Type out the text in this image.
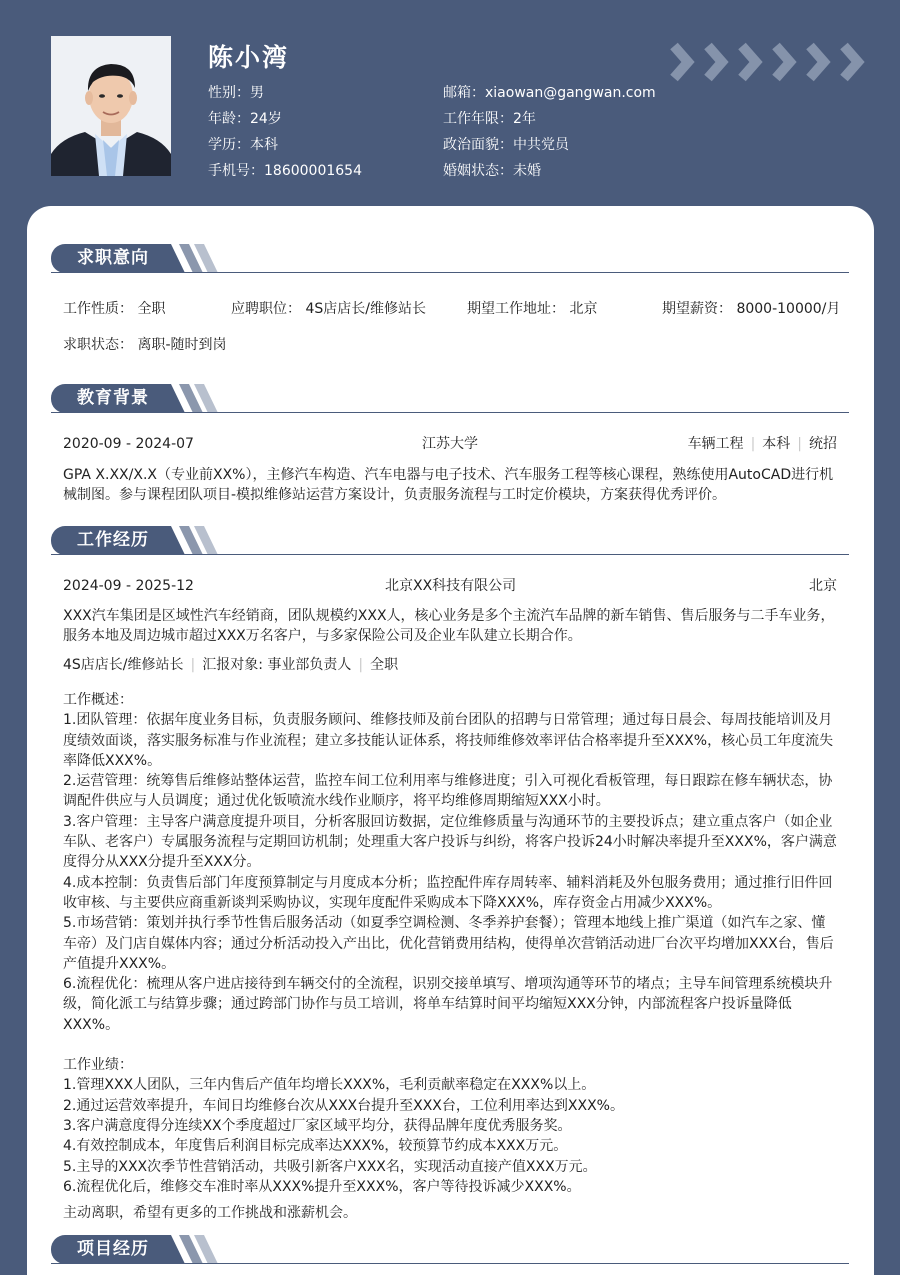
陈小湾
性别：男	邮箱：xiaowan@gangwan.com
年龄：24岁	工作年限：2年
学历：本科	政治面貌：中共党员
手机号：18600001654	婚姻状态：未婚
求职意向
工作性质： 全职	应聘职位： 4S店店长/维修站长	期望工作地址： 北京	期望薪资： 8000-10000/月
求职状态： 离职-随时到岗
教育背景
2020-09 - 2024-07	江苏大学	车辆工程 | 本科 | 统招
GPA X.XX/X.X（专业前XX%），主修汽车构造、汽车电器与电子技术、汽车服务工程等核心课程，熟练使用AutoCAD进行机械制图。参与课程团队项目-模拟维修站运营方案设计，负责服务流程与工时定价模块，方案获得优秀评价。
工作经历
2024-09 - 2025-12	北京XX科技有限公司	北京
XXX汽车集团是区域性汽车经销商，团队规模约XXX人，核心业务是多个主流汽车品牌的新车销售、售后服务与二手车业务，服务本地及周边城市超过XXX万名客户，与多家保险公司及企业车队建立长期合作。
4S店店长/维修站长 | 汇报对象: 事业部负责人 | 全职
工作概述：
1.团队管理：依据年度业务目标，负责服务顾问、维修技师及前台团队的招聘与日常管理；通过每日晨会、每周技能培训及月度绩效面谈，落实服务标准与作业流程；建立多技能认证体系，将技师维修效率评估合格率提升至XXX%，核心员工年度流失率降低XXX%。
2.运营管理：统筹售后维修站整体运营，监控车间工位利用率与维修进度；引入可视化看板管理，每日跟踪在修车辆状态，协调配件供应与人员调度；通过优化钣喷流水线作业顺序，将平均维修周期缩短XXX小时。
3.客户管理：主导客户满意度提升项目，分析客服回访数据，定位维修质量与沟通环节的主要投诉点；建立重点客户（如企业车队、老客户）专属服务流程与定期回访机制；处理重大客户投诉与纠纷，将客户投诉24小时解决率提升至XXX%，客户满意度得分从XXX分提升至XXX分。
4.成本控制：负责售后部门年度预算制定与月度成本分析；监控配件库存周转率、辅料消耗及外包服务费用；通过推行旧件回收审核、与主要供应商重新谈判采购协议，实现年度配件采购成本下降XXX%，库存资金占用减少XXX%。
5.市场营销：策划并执行季节性售后服务活动（如夏季空调检测、冬季养护套餐）；管理本地线上推广渠道（如汽车之家、懂车帝）及门店自媒体内容；通过分析活动投入产出比，优化营销费用结构，使得单次营销活动进厂台次平均增加XXX台，售后产值提升XXX%。
6.流程优化：梳理从客户进店接待到车辆交付的全流程，识别交接单填写、增项沟通等环节的堵点；主导车间管理系统模块升级，简化派工与结算步骤；通过跨部门协作与员工培训，将单车结算时间平均缩短XXX分钟，内部流程客户投诉量降低XXX%。
工作业绩：
1.管理XXX人团队，三年内售后产值年均增长XXX%，毛利贡献率稳定在XXX%以上。
2.通过运营效率提升，车间日均维修台次从XXX台提升至XXX台，工位利用率达到XXX%。
3.客户满意度得分连续XX个季度超过厂家区域平均分，获得品牌年度优秀服务奖。
4.有效控制成本，年度售后利润目标完成率达XXX%，较预算节约成本XXX万元。
5.主导的XXX次季节性营销活动，共吸引新客户XXX名，实现活动直接产值XXX万元。
6.流程优化后，维修交车准时率从XXX%提升至XXX%，客户等待投诉减少XXX%。
主动离职，希望有更多的工作挑战和涨薪机会。
项目经历
